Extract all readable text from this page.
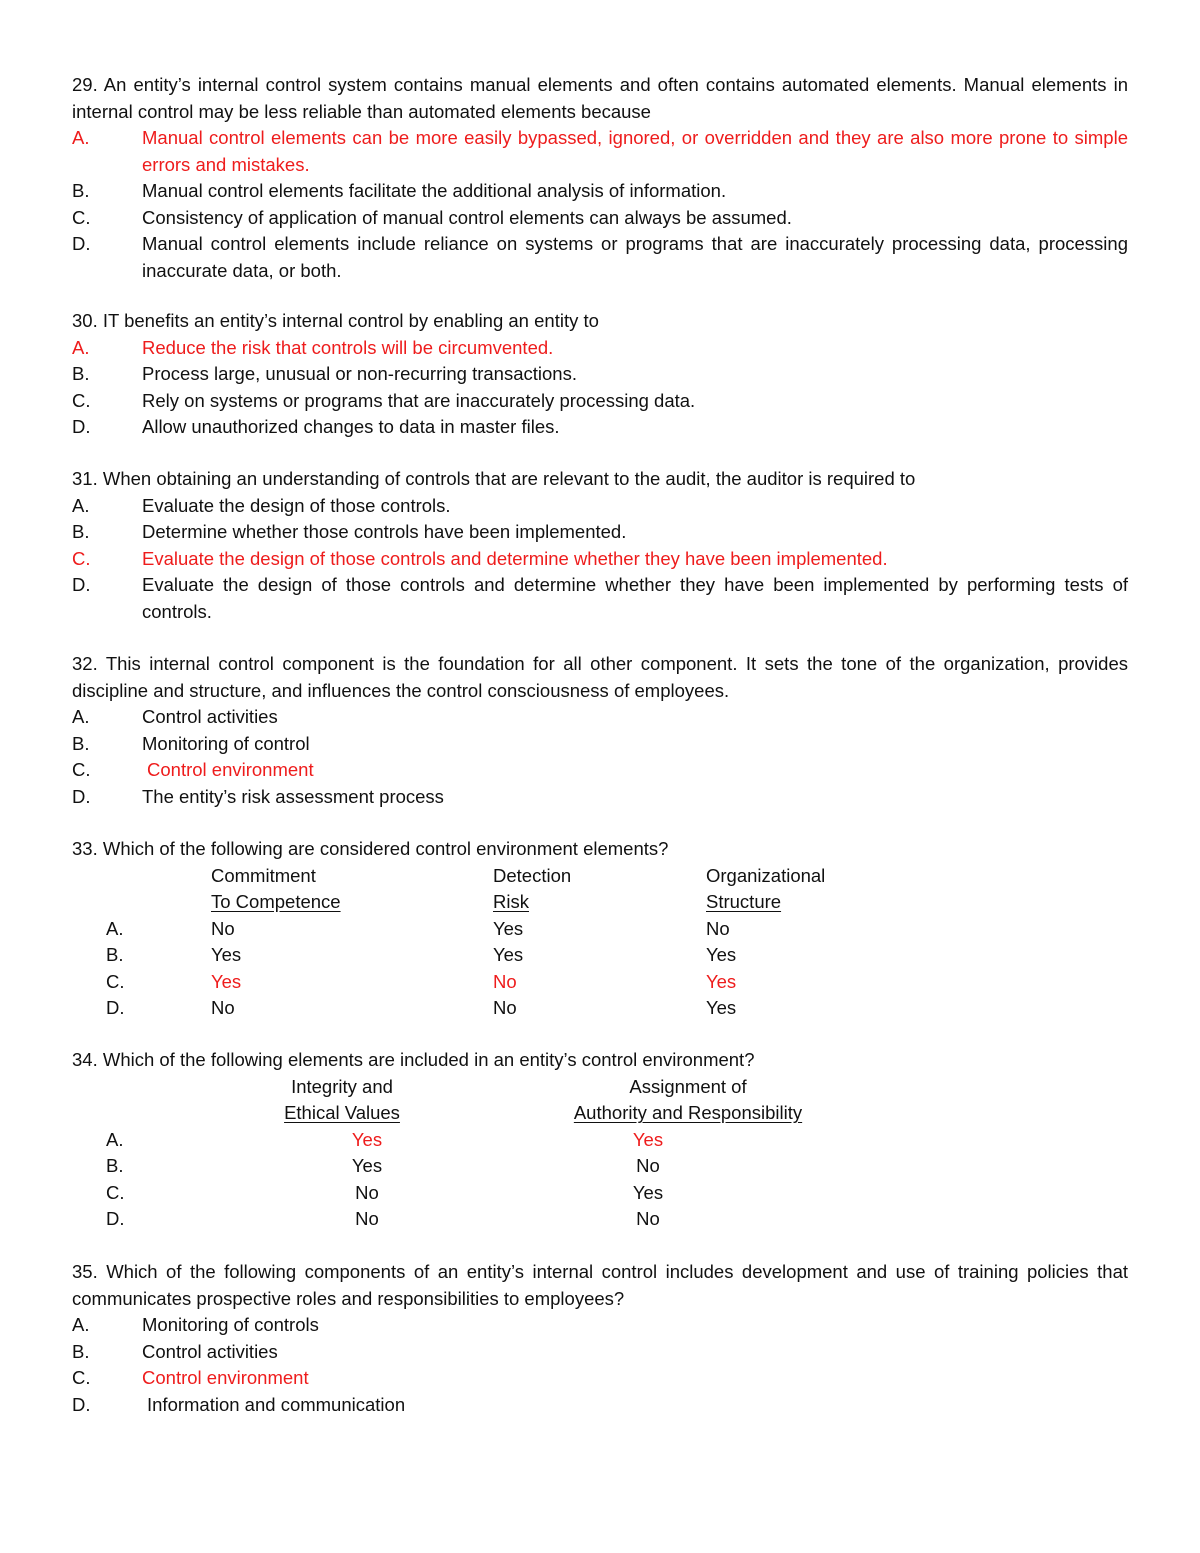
29. An entity’s internal control system contains manual elements and often contains automated elements. Manual elements in internal control may be less reliable than automated elements because
A.	Manual control elements can be more easily bypassed, ignored, or overridden and they are also more prone to simple errors and mistakes.
B.	Manual control elements facilitate the additional analysis of information.
C.	Consistency of application of manual control elements can always be assumed.
D.	Manual control elements include reliance on systems or programs that are inaccurately processing data, processing inaccurate data, or both.
30. IT benefits an entity’s internal control by enabling an entity to
A.	Reduce the risk that controls will be circumvented.
B.	Process large, unusual or non-recurring transactions.
C.	Rely on systems or programs that are inaccurately processing data.
D.	Allow unauthorized changes to data in master files.
31. When obtaining an understanding of controls that are relevant to the audit, the auditor is required to
A.	Evaluate the design of those controls.
B.	Determine whether those controls have been implemented.
C.	Evaluate the design of those controls and determine whether they have been implemented.
D.	Evaluate the design of those controls and determine whether they have been implemented by performing tests of controls.
32. This internal control component is the foundation for all other component. It sets the tone of the organization, provides discipline and structure, and influences the control consciousness of employees.
A.	Control activities
B.	Monitoring of control
C.	Control environment
D.	The entity’s risk assessment process
33. Which of the following are considered control environment elements?
Commitment	Detection	Organizational
To Competence	Risk	Structure
A.	No	Yes	No
B.	Yes	Yes	Yes
C.	Yes	No	Yes
D.	No	No	Yes
34. Which of the following elements are included in an entity’s control environment?
Integrity and	Assignment of
Ethical Values	Authority and Responsibility
A.	Yes	Yes
B.	Yes	No
C.	No	Yes
D.	No	No
35. Which of the following components of an entity’s internal control includes development and use of training policies that communicates prospective roles and responsibilities to employees?
A.	Monitoring of controls
B.	Control activities
C.	Control environment
D.	Information and communication
